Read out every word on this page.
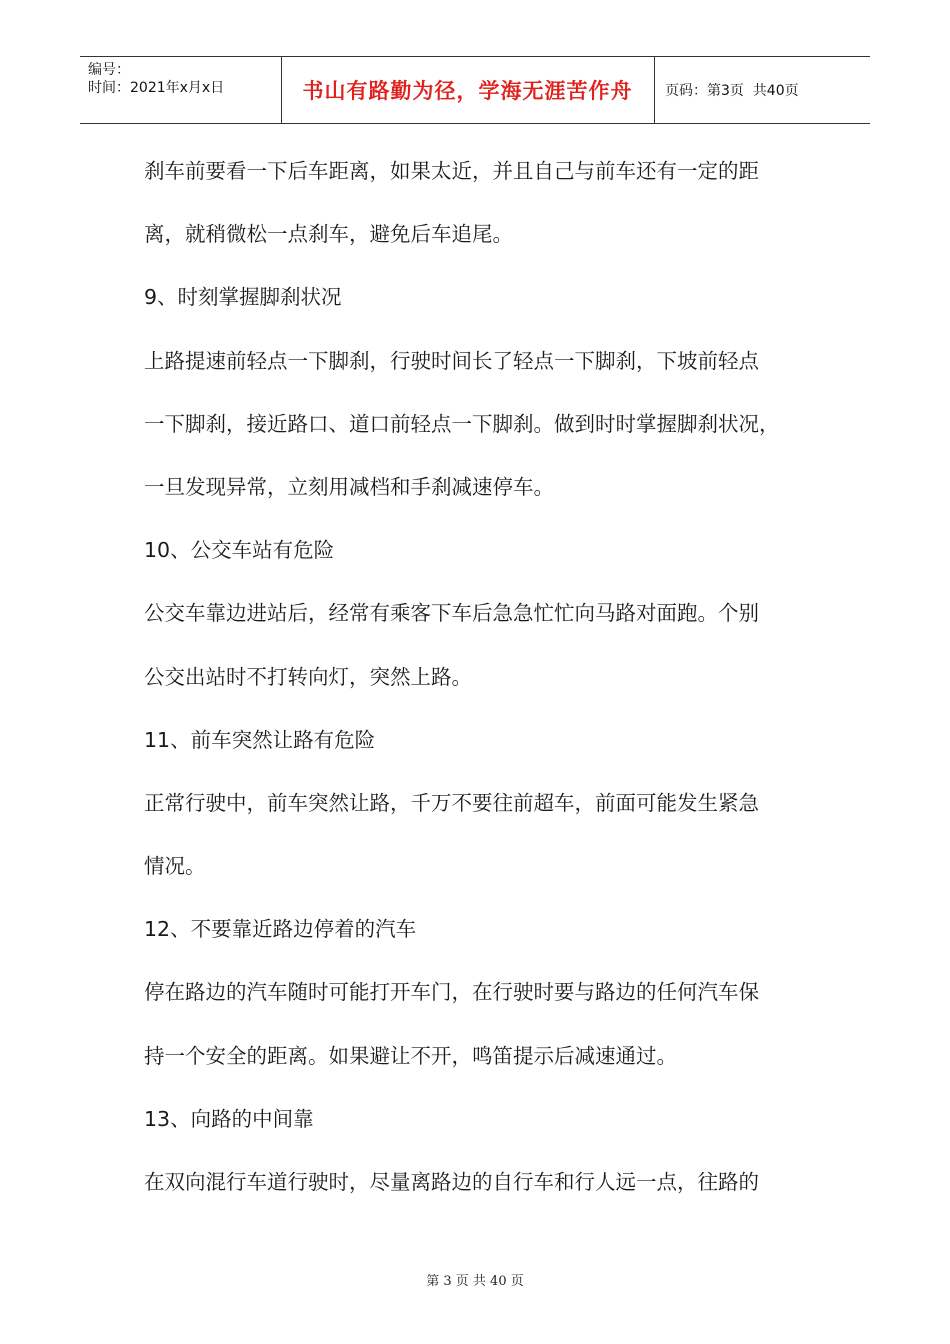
编号：
时间：2021年x月x日	书山有路勤为径，学海无涯苦作舟	页码：第3页  共40页
刹车前要看一下后车距离，如果太近，并且自己与前车还有一定的距
离，就稍微松一点刹车，避免后车追尾。
9、时刻掌握脚刹状况
上路提速前轻点一下脚刹，行驶时间长了轻点一下脚刹，下坡前轻点
一下脚刹，接近路口、道口前轻点一下脚刹。做到时时掌握脚刹状况，
一旦发现异常，立刻用减档和手刹减速停车。
10、公交车站有危险
公交车靠边进站后，经常有乘客下车后急急忙忙向马路对面跑。个别
公交出站时不打转向灯，突然上路。
11、前车突然让路有危险
正常行驶中，前车突然让路，千万不要往前超车，前面可能发生紧急
情况。
12、不要靠近路边停着的汽车
停在路边的汽车随时可能打开车门，在行驶时要与路边的任何汽车保
持一个安全的距离。如果避让不开，鸣笛提示后减速通过。
13、向路的中间靠
在双向混行车道行驶时，尽量离路边的自行车和行人远一点，往路的
第 3 页 共 40 页
